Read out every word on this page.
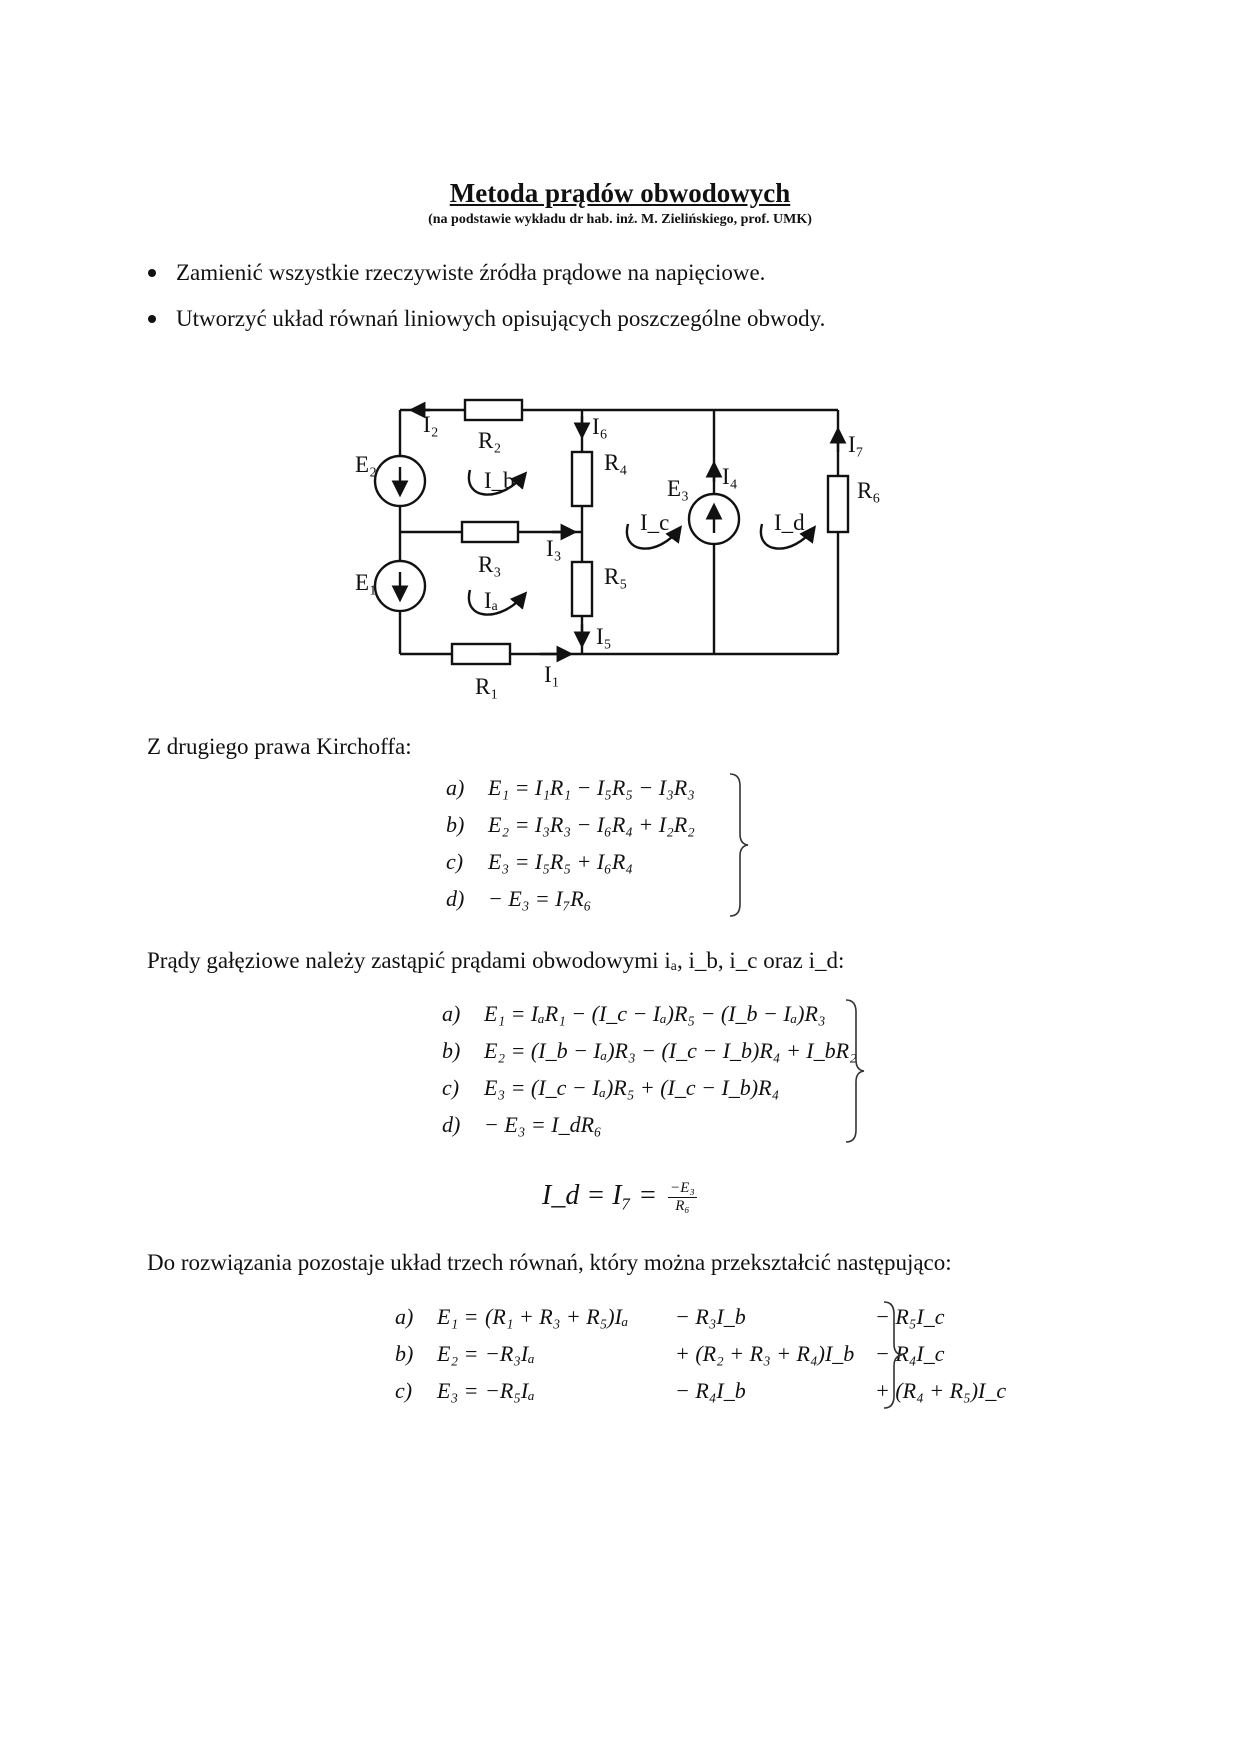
Metoda prądów obwodowych
(na podstawie wykładu dr hab. inż. M. Zielińskiego, prof. UMK)
Zamienić wszystkie rzeczywiste źródła prądowe na napięciowe.
Utworzyć układ równań liniowych opisujących poszczególne obwody.
E₂
E₁
E₃
R₂
R₃
R₁
R₄
R₅
R₆
I₂	I₆
I₃
I₅
I₁
I₄
I₇
I_b
Iₐ
I_c	I_d
Z drugiego prawa Kirchoffa:
a) E₁ = I₁R₁ − I₅R₅ − I₃R₃
b) E₂ = I₃R₃ − I₆R₄ + I₂R₂
c) E₃ = I₅R₅ + I₆R₄
d) − E₃ = I₇R₆
Prądy gałęziowe należy zastąpić prądami obwodowymi iₐ, i_b, i_c oraz i_d:
a) E₁ = IₐR₁ − (I_c − Iₐ)R₅ − (I_b − Iₐ)R₃
b) E₂ = (I_b − Iₐ)R₃ − (I_c − I_b)R₄ + I_bR₂
c) E₃ = (I_c − Iₐ)R₅ + (I_c − I_b)R₄
d) − E₃ = I_dR₆
I_d = $I_7 = \frac{\text{−E₃}}{\text{R₆}}$
Do rozwiązania pozostaje układ trzech równań, który można przekształcić następująco:
a) E₁ = (R₁ + R₃ + R₅)Iₐ − R₃I_b	− R₅I_c
b) E₂ = −R₃Iₐ	+ (R₂ + R₃ + R₄)I_b − R₄I_c
c) E₃ = −R₅Iₐ	− R₄I_b	+ (R₄ + R₅)I_c
